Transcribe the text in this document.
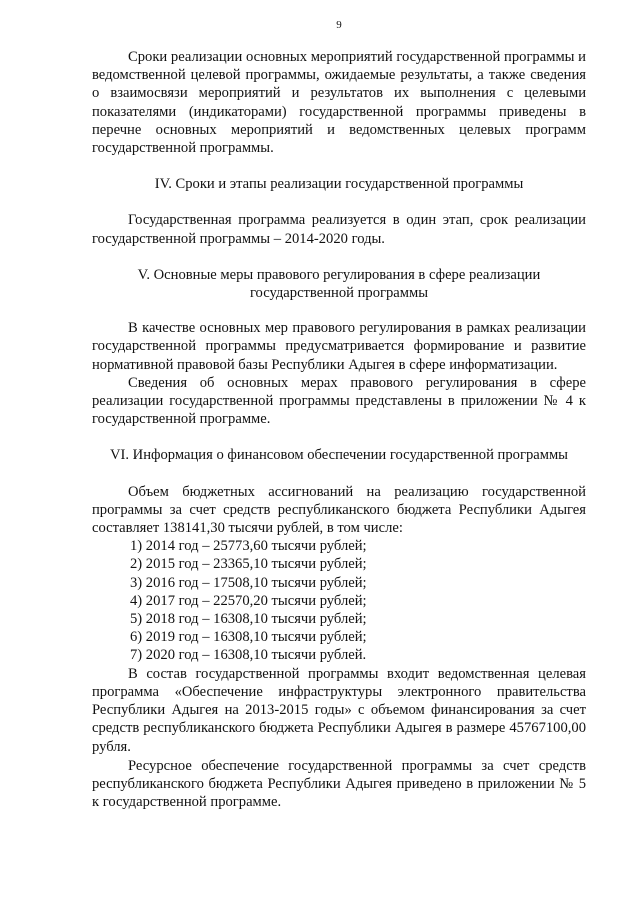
9

Сроки реализации основных мероприятий государственной программы и ведомственной целевой программы, ожидаемые результаты, а также сведения о взаимосвязи мероприятий и результатов их выполнения с целевыми показателями (индикаторами) государственной программы приведены в перечне основных мероприятий и ведомственных целевых программ государственной программы.

IV. Сроки и этапы реализации государственной программы

Государственная программа реализуется в один этап, срок реализации государственной программы – 2014-2020 годы.

V. Основные меры правового регулирования в сфере реализации
государственной программы

В качестве основных мер правового регулирования в рамках реализации государственной программы предусматривается формирование и развитие нормативной правовой базы Республики Адыгея в сфере информатизации.

Сведения об основных мерах правового регулирования в сфере реализации государственной программы представлены в приложении № 4 к государственной программе.

VI. Информация о финансовом обеспечении государственной программы

Объем бюджетных ассигнований на реализацию государственной программы за счет средств республиканского бюджета Республики Адыгея составляет 138141,30 тысячи рублей, в том числе:

1) 2014 год – 25773,60 тысячи рублей;
2) 2015 год – 23365,10 тысячи рублей;
3) 2016 год – 17508,10 тысячи рублей;
4) 2017 год – 22570,20 тысячи рублей;
5) 2018 год – 16308,10 тысячи рублей;
6) 2019 год – 16308,10 тысячи рублей;
7) 2020 год – 16308,10 тысячи рублей.

В состав государственной программы входит ведомственная целевая программа «Обеспечение инфраструктуры электронного правительства Республики Адыгея на 2013-2015 годы» с объемом финансирования за счет средств республиканского бюджета Республики Адыгея в размере 45767100,00 рубля.

Ресурсное обеспечение государственной программы за счет средств республиканского бюджета Республики Адыгея приведено в приложении № 5 к государственной программе.
